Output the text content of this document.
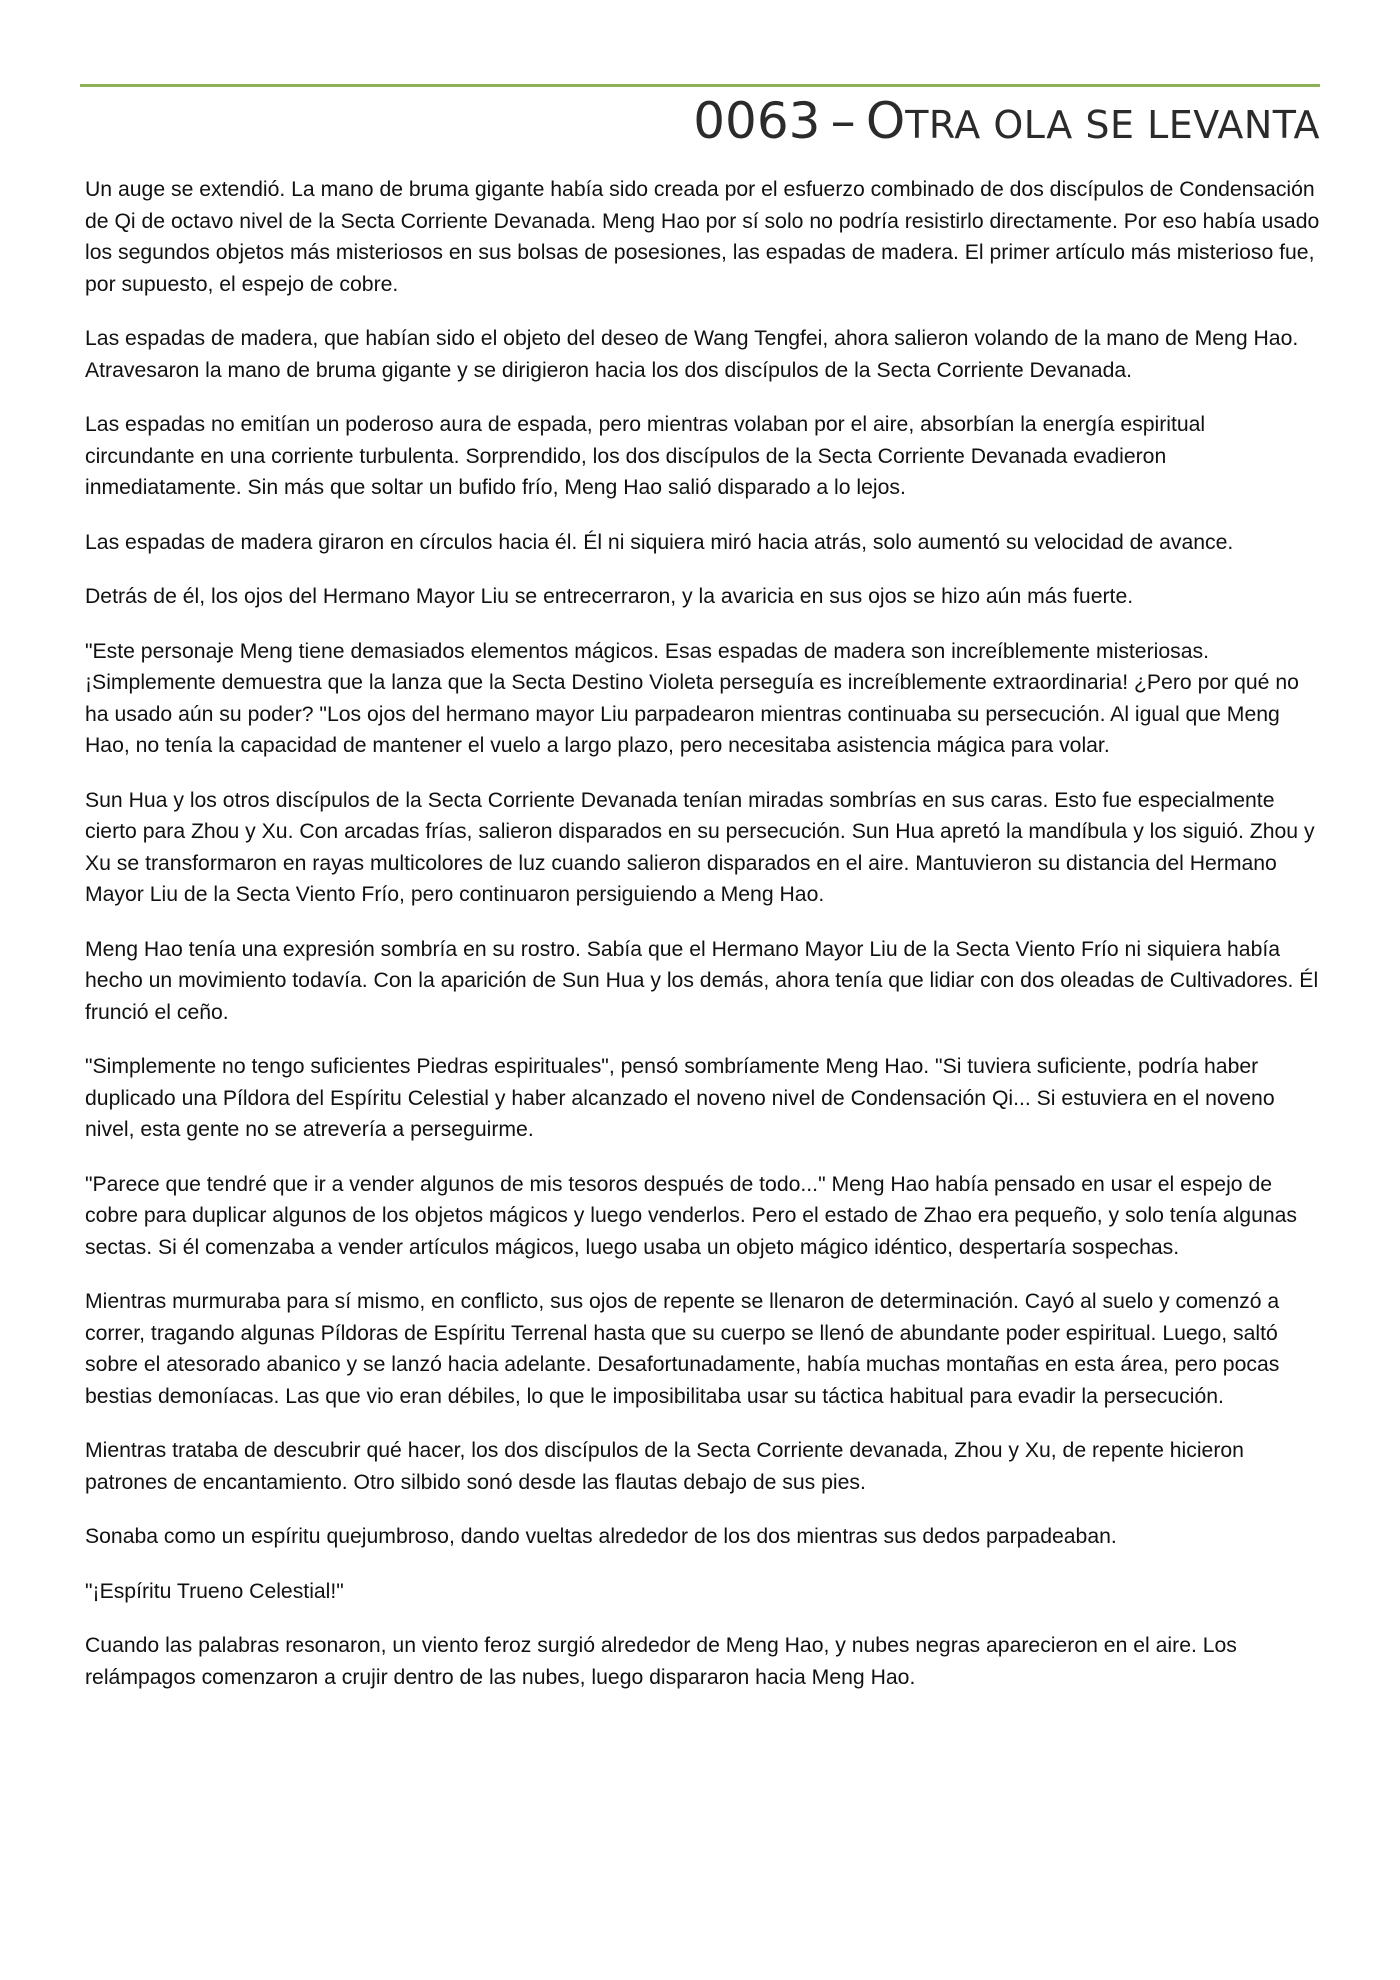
0063 – OTRA OLA SE LEVANTA

Un auge se extendió. La mano de bruma gigante había sido creada por el esfuerzo combinado de dos discípulos de Condensación de Qi de octavo nivel de la Secta Corriente Devanada. Meng Hao por sí solo no podría resistirlo directamente. Por eso había usado los segundos objetos más misteriosos en sus bolsas de posesiones, las espadas de madera. El primer artículo más misterioso fue, por supuesto, el espejo de cobre.

Las espadas de madera, que habían sido el objeto del deseo de Wang Tengfei, ahora salieron volando de la mano de Meng Hao. Atravesaron la mano de bruma gigante y se dirigieron hacia los dos discípulos de la Secta Corriente Devanada.

Las espadas no emitían un poderoso aura de espada, pero mientras volaban por el aire, absorbían la energía espiritual circundante en una corriente turbulenta. Sorprendido, los dos discípulos de la Secta Corriente Devanada evadieron inmediatamente. Sin más que soltar un bufido frío, Meng Hao salió disparado a lo lejos.

Las espadas de madera giraron en círculos hacia él. Él ni siquiera miró hacia atrás, solo aumentó su velocidad de avance.

Detrás de él, los ojos del Hermano Mayor Liu se entrecerraron, y la avaricia en sus ojos se hizo aún más fuerte.

"Este personaje Meng tiene demasiados elementos mágicos. Esas espadas de madera son increíblemente misteriosas. ¡Simplemente demuestra que la lanza que la Secta Destino Violeta perseguía es increíblemente extraordinaria! ¿Pero por qué no ha usado aún su poder? "Los ojos del hermano mayor Liu parpadearon mientras continuaba su persecución. Al igual que Meng Hao, no tenía la capacidad de mantener el vuelo a largo plazo, pero necesitaba asistencia mágica para volar.

Sun Hua y los otros discípulos de la Secta Corriente Devanada tenían miradas sombrías en sus caras. Esto fue especialmente cierto para Zhou y Xu. Con arcadas frías, salieron disparados en su persecución. Sun Hua apretó la mandíbula y los siguió. Zhou y Xu se transformaron en rayas multicolores de luz cuando salieron disparados en el aire. Mantuvieron su distancia del Hermano Mayor Liu de la Secta Viento Frío, pero continuaron persiguiendo a Meng Hao.

Meng Hao tenía una expresión sombría en su rostro. Sabía que el Hermano Mayor Liu de la Secta Viento Frío ni siquiera había hecho un movimiento todavía. Con la aparición de Sun Hua y los demás, ahora tenía que lidiar con dos oleadas de Cultivadores. Él frunció el ceño.

"Simplemente no tengo suficientes Piedras espirituales", pensó sombríamente Meng Hao. "Si tuviera suficiente, podría haber duplicado una Píldora del Espíritu Celestial y haber alcanzado el noveno nivel de Condensación Qi... Si estuviera en el noveno nivel, esta gente no se atrevería a perseguirme.

"Parece que tendré que ir a vender algunos de mis tesoros después de todo..." Meng Hao había pensado en usar el espejo de cobre para duplicar algunos de los objetos mágicos y luego venderlos. Pero el estado de Zhao era pequeño, y solo tenía algunas sectas. Si él comenzaba a vender artículos mágicos, luego usaba un objeto mágico idéntico, despertaría sospechas.

Mientras murmuraba para sí mismo, en conflicto, sus ojos de repente se llenaron de determinación. Cayó al suelo y comenzó a correr, tragando algunas Píldoras de Espíritu Terrenal hasta que su cuerpo se llenó de abundante poder espiritual. Luego, saltó sobre el atesorado abanico y se lanzó hacia adelante. Desafortunadamente, había muchas montañas en esta área, pero pocas bestias demoníacas. Las que vio eran débiles, lo que le imposibilitaba usar su táctica habitual para evadir la persecución.

Mientras trataba de descubrir qué hacer, los dos discípulos de la Secta Corriente devanada, Zhou y Xu, de repente hicieron patrones de encantamiento. Otro silbido sonó desde las flautas debajo de sus pies.

Sonaba como un espíritu quejumbroso, dando vueltas alrededor de los dos mientras sus dedos parpadeaban.

"¡Espíritu Trueno Celestial!"

Cuando las palabras resonaron, un viento feroz surgió alrededor de Meng Hao, y nubes negras aparecieron en el aire. Los relámpagos comenzaron a crujir dentro de las nubes, luego dispararon hacia Meng Hao.
